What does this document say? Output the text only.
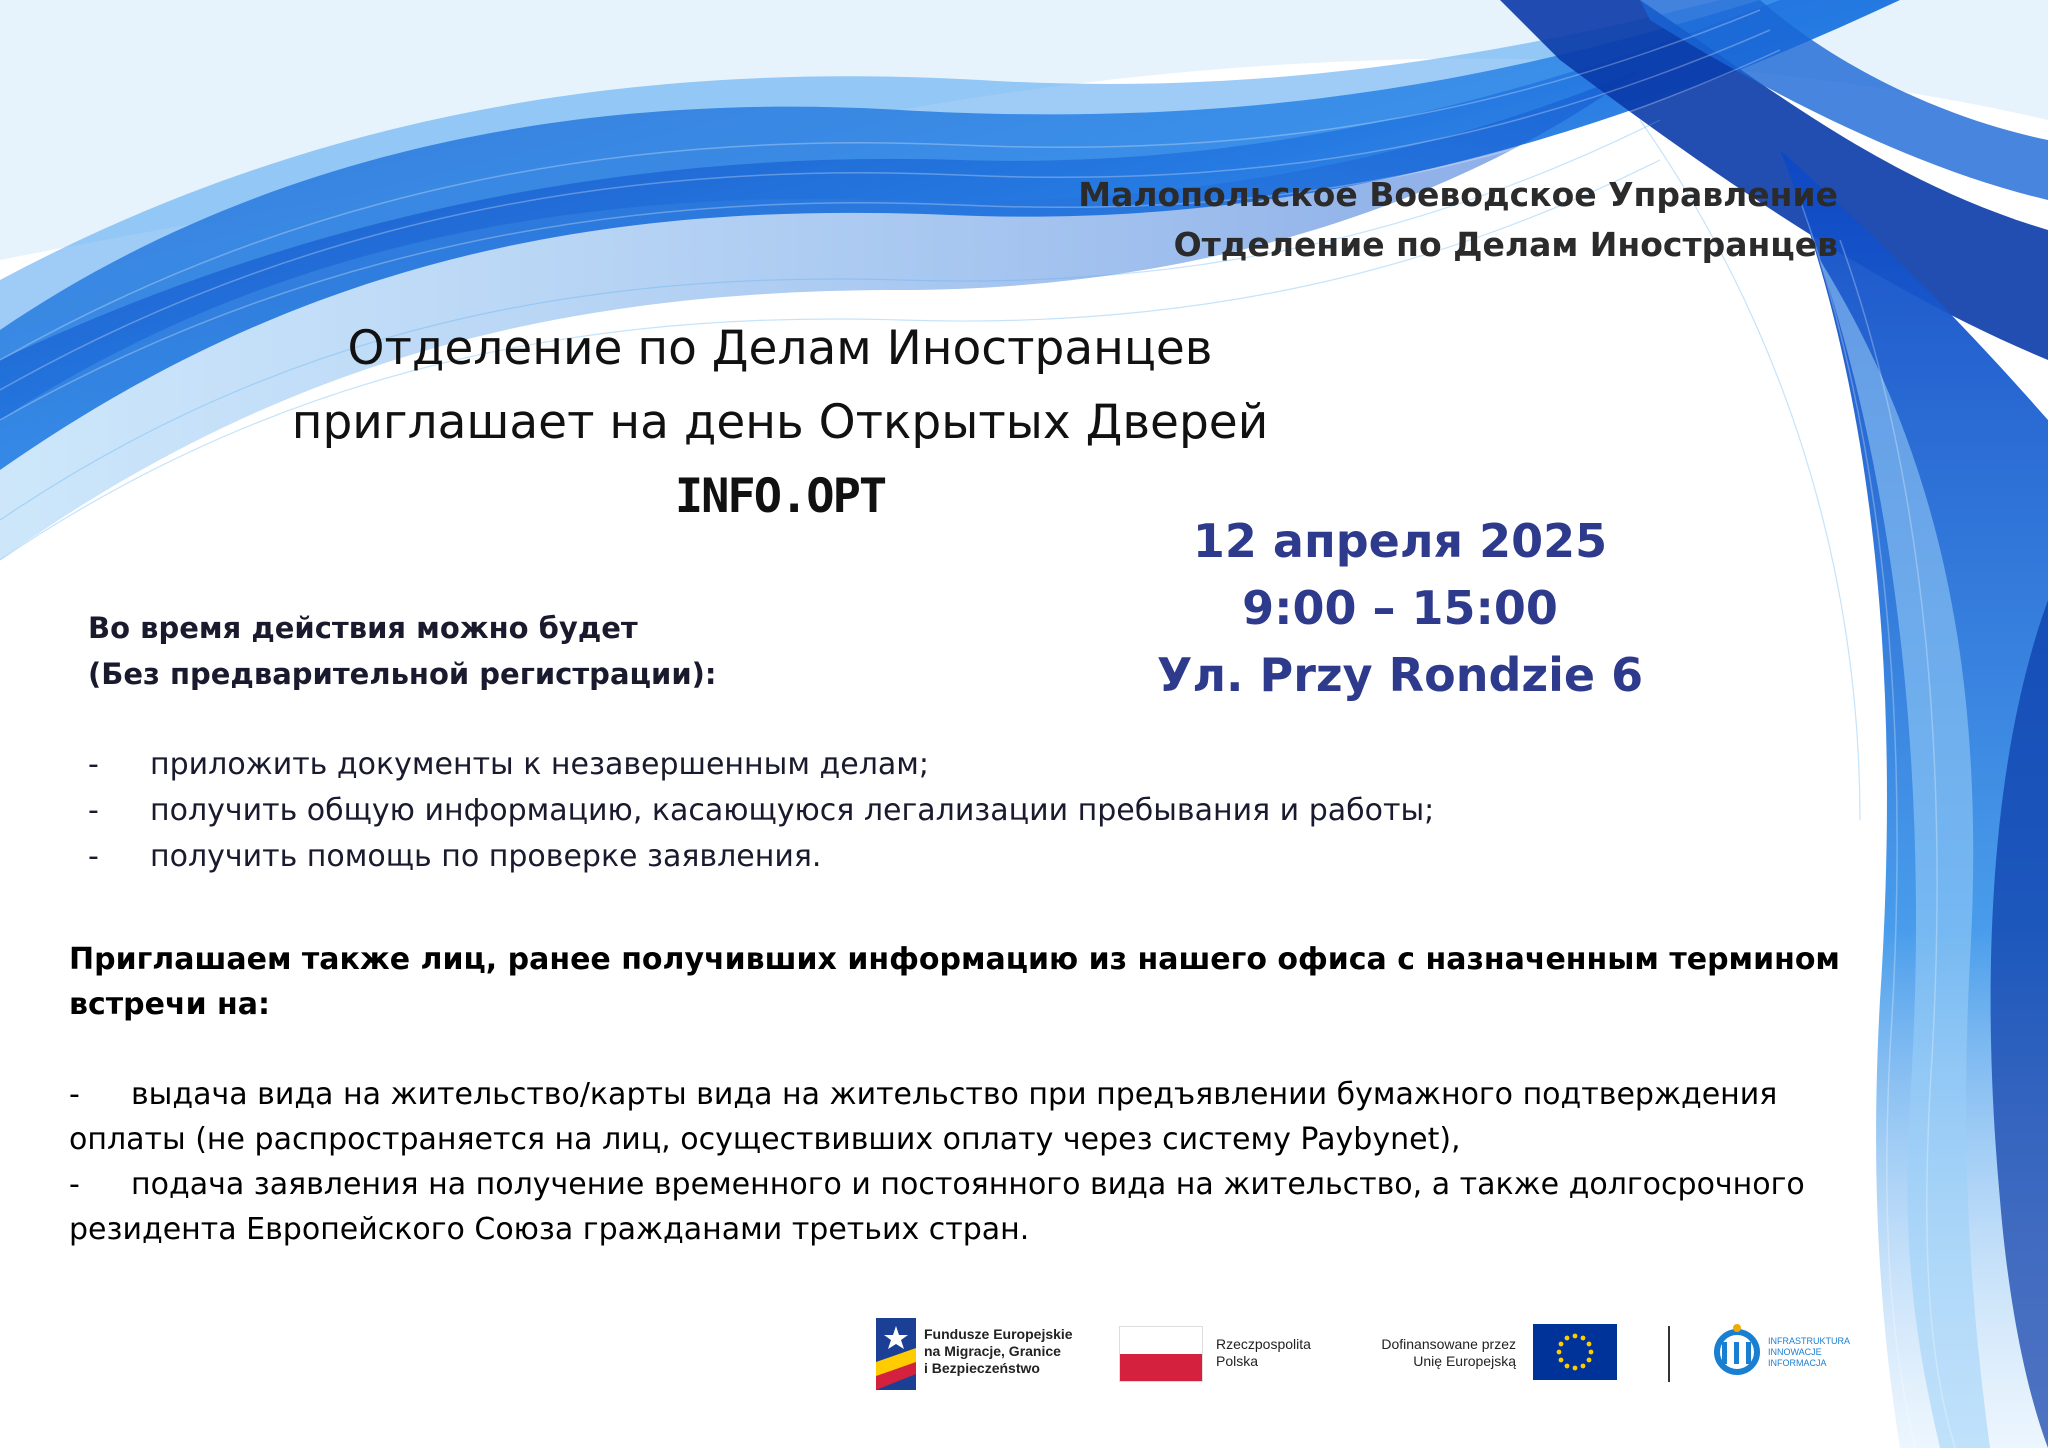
Малопольское Воеводское Управление
Отделение по Делам Иностранцев
Отделение по Делам Иностранцев
приглашает на день Открытых Дверей INFO.OPT
12 апреля 2025
9:00 – 15:00
Ул. Przy Rondzie 6
Во время действия можно будет
(Без предварительной регистрации):
- приложить документы к незавершенным делам;
- получить общую информацию, касающуюся легализации пребывания и работы;
- получить помощь по проверке заявления.
Приглашаем также лиц, ранее получивших информацию из нашего офиса с назначенным термином
встречи на:

- выдача вида на жительство/карты вида на жительство при предъявлении бумажного подтверждения

оплаты (не распространяется на лиц, осуществивших оплату через систему Paybynet),

- подача заявления на получение временного и постоянного вида на жительство, а также долгосрочного

резидента Европейского Союза гражданами третьих стран.

Fundusze Europejskie
na Migracje, Granice
i Bezpieczeństwo
Rzeczpospolita
Polska
Dofinansowane przez
Unię Europejską
INFRASTRUKTURA
INNOWACJE
INFORMACJA
